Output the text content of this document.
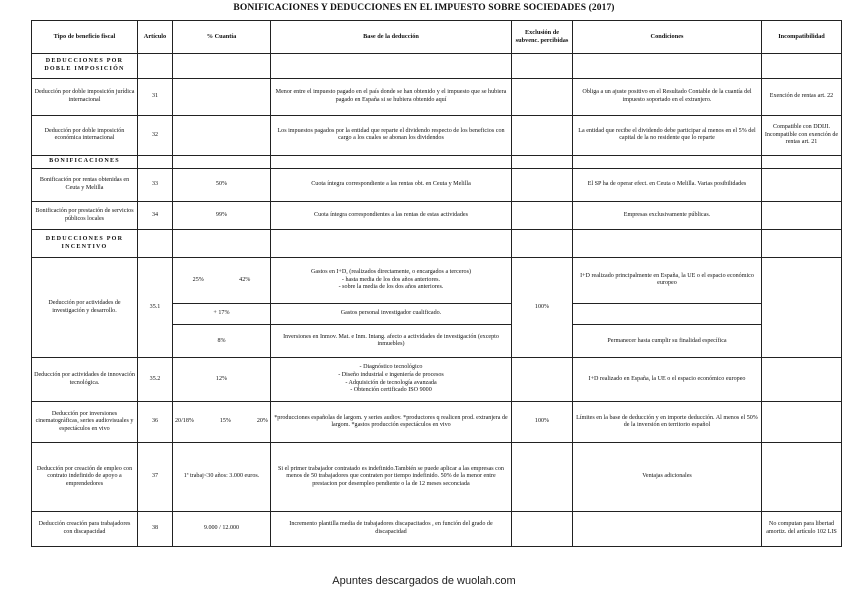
BONIFICACIONES Y DEDUCCIONES EN EL IMPUESTO SOBRE SOCIEDADES (2017)
Tipo de beneficio fiscal	Artículo	% Cuantía	Base de la deducción	Exclusión de subvenc. percibidas	Condiciones	Incompatibilidad
DEDUCCIONES POR DOBLE IMPOSICIÓN						
Deducción por doble imposición jurídica internacional	31		Menor entre el impuesto pagado en el país donde se han obtenido y el impuesto que se hubiera pagado en España si se hubiera obtenido aquí		Obliga a un ajuste positivo en el Resultado Contable de la cuantía del impuesto soportado en el extranjero.	Exención de rentas art. 22
Deducción por doble imposición económica internacional	32		Los impuestos pagados por la entidad que reparte el dividendo respecto de los beneficios con cargo a los cuales se abonan los dividendos		La entidad que recibe el dividendo debe participar al menos en el 5% del capital de la no residente que lo reparte	Compatible con DDIJI. Incompatible con exención de rentas art. 21
BONIFICACIONES						
Bonificación por rentas obtenidas en Ceuta y Melilla	33	50%	Cuota íntegra correspondiente a las rentas obt. en Ceuta y Melilla		El SP ha de operar efect. en Ceuta o Melilla. Varias posibilidades	
Bonificación por prestación de servicios públicos locales	34	99%	Cuota íntegra correspondientes a las rentas de estas actividades		Empresas exclusivamente públicas.	
DEDUCCIONES POR INCENTIVO						
Deducción por actividades de investigación y desarrollo.	35.1	25% 42%	Gastos en I+D, (realizados directamente, o encargados a terceros)
- hasta media de los dos años anteriores.
- sobre la media de los dos años anteriores.	100%	I+D realizado principalmente en España, la UE o el espacio económico europeo	
		+ 17%	Gastos personal investigador cualificado.			
		8%	Inversiones en Inmov. Mat. e Inm. Intang. afecto a actividades de investigación (excepto inmuebles)		Permanecer hasta cumplir su finalidad específica	
Deducción por actividades de innovación tecnológica.	35.2	12%	- Diagnóstico tecnológico
- Diseño industrial e ingeniería de procesos
- Adquisición de tecnología avanzada
- Obtención certificado ISO 9000		I+D realizado en España, la UE o el espacio económico europeo	
Deducción por inversiones cinematográficas, series audiovisuales y espectáculos en vivo	36	20/18% 15% 20%	*producciones españolas de largom. y series audiov. *productores q realicen prod. extranjera de largom. *gastos producción espectáculos en vivo	100%	Límites en la base de deducción y en importe deducción. Al menos el 50% de la inversión en territorio español	
Deducción por creación de empleo con contrato indefinido de apoyo a emprendedores	37	1ª trabaj<30 años: 3.000 euros.	Si el primer trabajador contratado es indefinido.También se puede aplicar a las empresas con menos de 50 trabajadores que contraten por tiempo indefinido. 50% de la menor entre prestacion por desempleo pendiente o la de 12 meses seconciada		Ventajas adicionales	
Deducción creación para trabajadores con discapacidad	38	9.000 / 12.000	Incremento plantilla media de trabajadores discapacitados , en función del grado de discapacidad			No computan para libertad amortiz. del artículo 102 LIS
Apuntes descargados de wuolah.com
